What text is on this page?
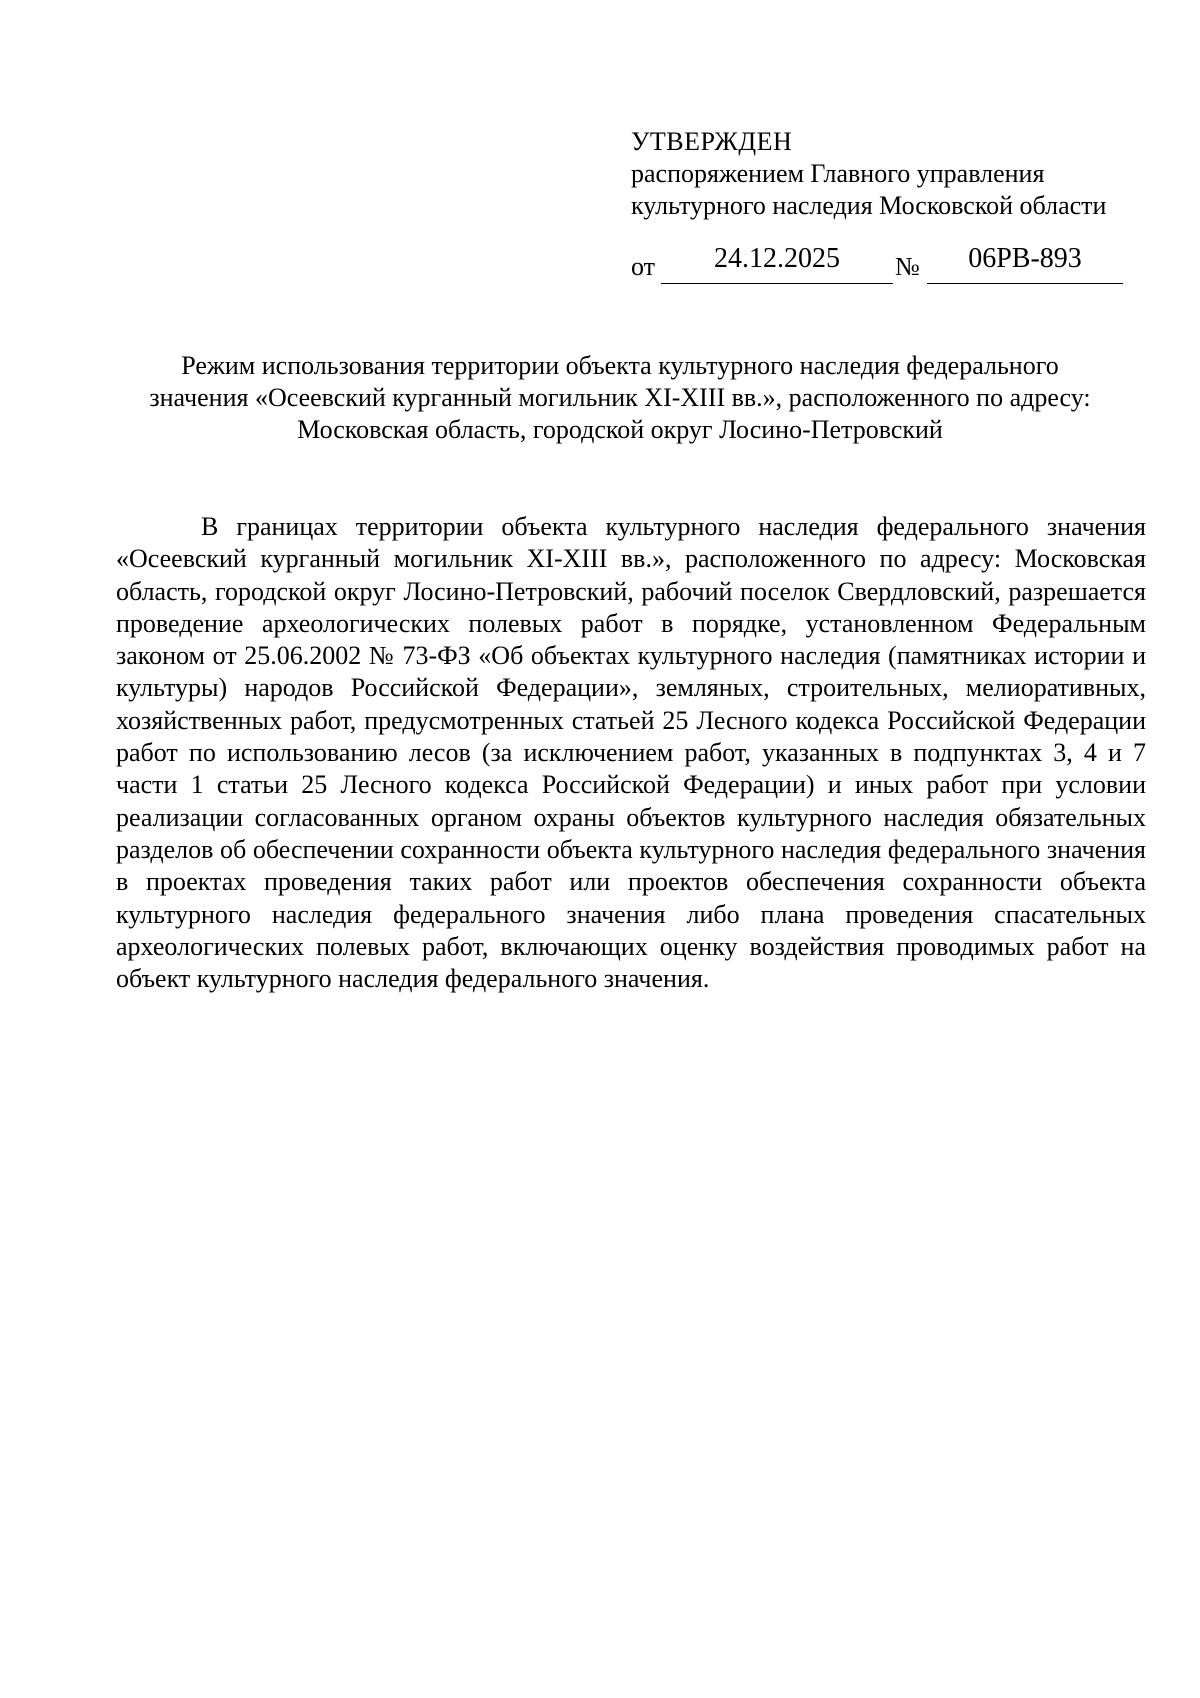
УТВЕРЖДЕН
распоряжением Главного управления
культурного наследия Московской области
от	24.12.2025	№	06РВ-893
Режим использования территории объекта культурного наследия федерального
значения «Осеевский курганный могильник XI-XIII вв.», расположенного по адресу:
Московская область, городской округ Лосино-Петровский
В границах территории объекта культурного наследия федерального значения «Осеевский курганный могильник XI-XIII вв.», расположенного по адресу: Московская область, городской округ Лосино-Петровский, рабочий поселок Свердловский, разрешается проведение археологических полевых работ в порядке, установленном Федеральным законом от 25.06.2002 № 73-ФЗ «Об объектах культурного наследия (памятниках истории и культуры) народов Российской Федерации», земляных, строительных, мелиоративных, хозяйственных работ, предусмотренных статьей 25 Лесного кодекса Российской Федерации работ по использованию лесов (за исключением работ, указанных в подпунктах 3, 4 и 7 части 1 статьи 25 Лесного кодекса Российской Федерации) и иных работ при условии реализации согласованных органом охраны объектов культурного наследия обязательных разделов об обеспечении сохранности объекта культурного наследия федерального значения в проектах проведения таких работ или проектов обеспечения сохранности объекта культурного наследия федерального значения либо плана проведения спасательных археологических полевых работ, включающих оценку воздействия проводимых работ на объект культурного наследия федерального значения.
